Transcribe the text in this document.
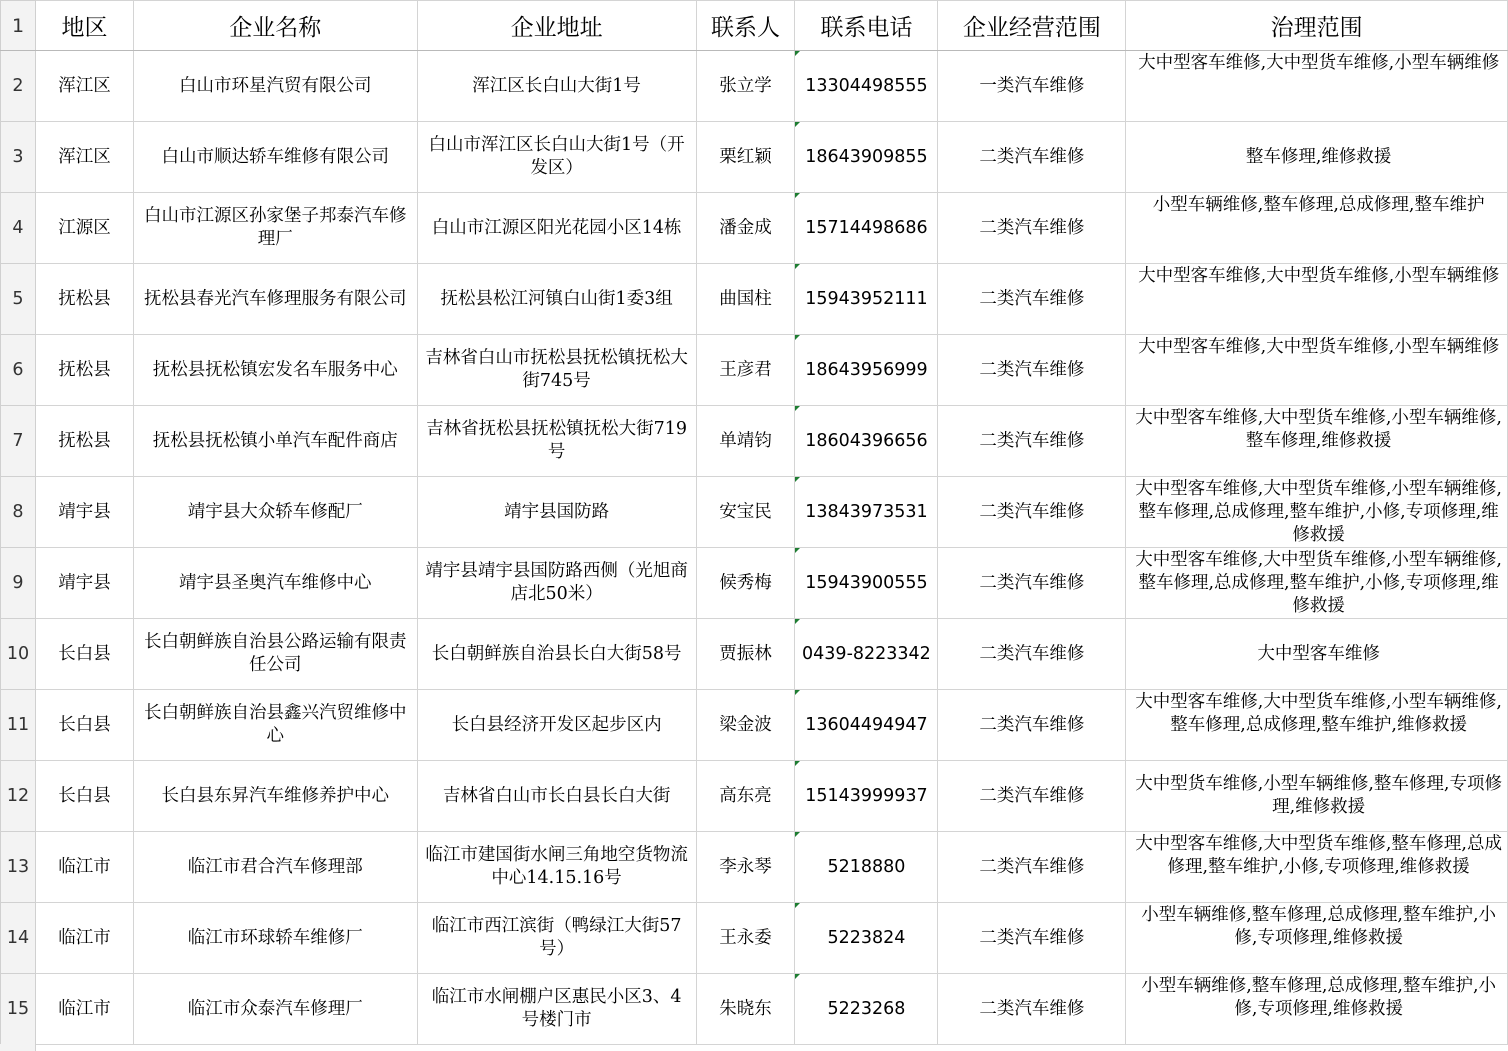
1	地区	企业名称	企业地址	联系人	联系电话	企业经营范围	治理范围
2	浑江区	白山市环星汽贸有限公司	浑江区长白山大街1号	张立学	13304498555	一类汽车维修	大中型客车维修,大中型货车维修,小型车辆维修

3	浑江区	白山市顺达轿车维修有限公司	白山市浑江区长白山大街1号（开发区）	栗红颖	18643909855	二类汽车维修	整车修理,维修救援

4	江源区	白山市江源区孙家堡子邦泰汽车修理厂	白山市江源区阳光花园小区14栋	潘金成	15714498686	二类汽车维修	小型车辆维修,整车修理,总成修理,整车维护

5	抚松县	抚松县春光汽车修理服务有限公司	抚松县松江河镇白山街1委3组	曲国柱	15943952111	二类汽车维修	大中型客车维修,大中型货车维修,小型车辆维修

6	抚松县	抚松县抚松镇宏发名车服务中心	吉林省白山市抚松县抚松镇抚松大街745号	王彦君	18643956999	二类汽车维修	大中型客车维修,大中型货车维修,小型车辆维修

7	抚松县	抚松县抚松镇小单汽车配件商店	吉林省抚松县抚松镇抚松大街719号	单靖钧	18604396656	二类汽车维修	大中型客车维修,大中型货车维修,小型车辆维修,整车修理,维修救援

8	靖宇县	靖宇县大众轿车修配厂	靖宇县国防路	安宝民	13843973531	二类汽车维修	大中型客车维修,大中型货车维修,小型车辆维修,整车修理,总成修理,整车维护,小修,专项修理,维修救援

9	靖宇县	靖宇县圣奥汽车维修中心	靖宇县靖宇县国防路西侧（光旭商店北50米）	候秀梅	15943900555	二类汽车维修	大中型客车维修,大中型货车维修,小型车辆维修,整车修理,总成修理,整车维护,小修,专项修理,维修救援

10	长白县	长白朝鲜族自治县公路运输有限责任公司	长白朝鲜族自治县长白大街58号	贾振林	0439-8223342	二类汽车维修	大中型客车维修

11	长白县	长白朝鲜族自治县鑫兴汽贸维修中心	长白县经济开发区起步区内	梁金波	13604494947	二类汽车维修	大中型客车维修,大中型货车维修,小型车辆维修,整车修理,总成修理,整车维护,维修救援

12	长白县	长白县东昇汽车维修养护中心	吉林省白山市长白县长白大街	高东亮	15143999937	二类汽车维修	大中型货车维修,小型车辆维修,整车修理,专项修理,维修救援

13	临江市	临江市君合汽车修理部	临江市建国街水闸三角地空货物流中心14.15.16号	李永琴	5218880	二类汽车维修	大中型客车维修,大中型货车维修,整车修理,总成修理,整车维护,小修,专项修理,维修救援

14	临江市	临江市环球轿车维修厂	临江市西江滨街（鸭绿江大街57号）	王永委	5223824	二类汽车维修	小型车辆维修,整车修理,总成修理,整车维护,小修,专项修理,维修救援

15	临江市	临江市众泰汽车修理厂	临江市水闸棚户区惠民小区3、4号楼门市	朱晓东	5223268	二类汽车维修	小型车辆维修,整车修理,总成修理,整车维护,小修,专项修理,维修救援
